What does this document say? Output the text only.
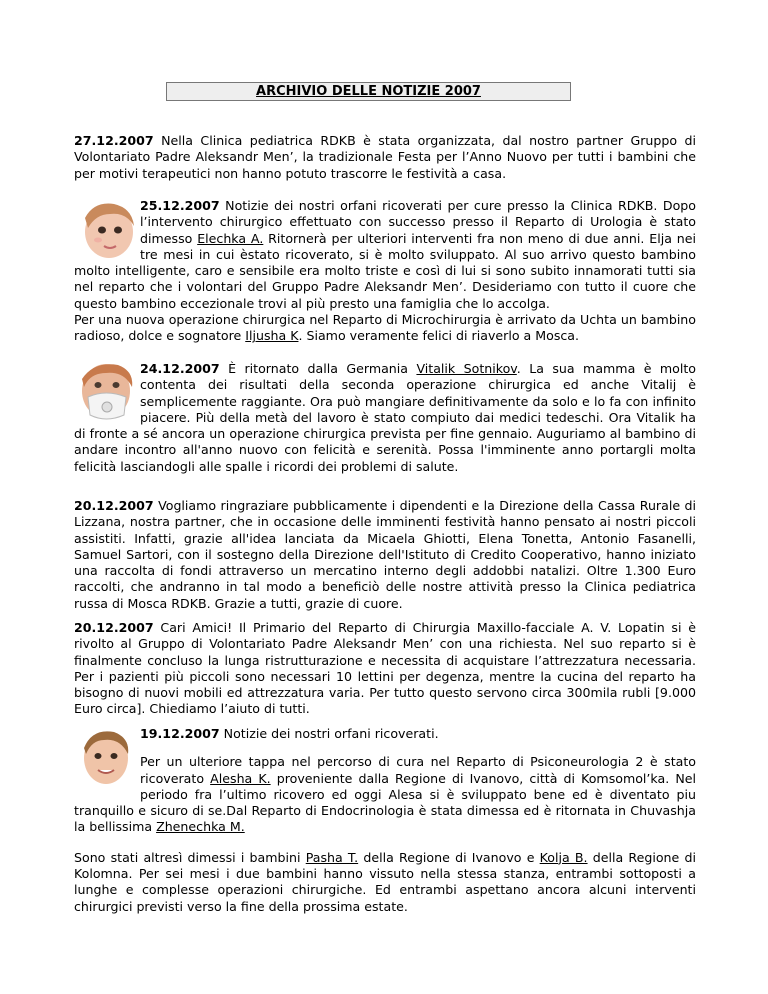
ARCHIVIO DELLE NOTIZIE 2007

27.12.2007 Nella Clinica pediatrica RDKB è stata organizzata, dal nostro partner Gruppo di Volontariato Padre Aleksandr Men’, la tradizionale Festa per l’Anno Nuovo per tutti i bambini che per motivi terapeutici non hanno potuto trascorre le festività a casa.

25.12.2007 Notizie dei nostri orfani ricoverati per cure presso la Clinica RDKB. Dopo l’intervento chirurgico effettuato con successo presso il Reparto di Urologia è stato dimesso Elechka A. Ritornerà per ulteriori interventi fra non meno di due anni. Elja nei tre mesi in cui èstato ricoverato, si è molto sviluppato. Al suo arrivo questo bambino molto intelligente, caro e sensibile era molto triste e così di lui si sono subito innamorati tutti sia nel reparto che i volontari del Gruppo Padre Aleksandr Men’. Desideriamo con tutto il cuore che questo bambino eccezionale trovi al più presto una famiglia che lo accolga.

Per una nuova operazione chirurgica nel Reparto di Microchirurgia è arrivato da Uchta un bambino radioso, dolce e sognatore Iljusha K. Siamo veramente felici di riaverlo a Mosca.

24.12.2007 È ritornato dalla Germania Vitalik Sotnikov. La sua mamma è molto contenta dei risultati della seconda operazione chirurgica ed anche Vitalij è semplicemente raggiante. Ora può mangiare definitivamente da solo e lo fa con infinito piacere. Più della metà del lavoro è stato compiuto dai medici tedeschi. Ora Vitalik ha di fronte a sé ancora un operazione chirurgica prevista per fine gennaio. Auguriamo al bambino di andare incontro all'anno nuovo con felicità e serenità. Possa l'imminente anno portargli molta felicità lasciandogli alle spalle i ricordi dei problemi di salute.

20.12.2007 Vogliamo ringraziare pubblicamente i dipendenti e la Direzione della Cassa Rurale di Lizzana, nostra partner, che in occasione delle imminenti festività hanno pensato ai nostri piccoli assistiti. Infatti, grazie all'idea lanciata da Micaela Ghiotti, Elena Tonetta, Antonio Fasanelli, Samuel Sartori, con il sostegno della Direzione dell'Istituto di Credito Cooperativo, hanno iniziato una raccolta di fondi attraverso un mercatino interno degli addobbi natalizi. Oltre 1.300 Euro raccolti, che andranno in tal modo a beneficiò delle nostre attività presso la Clinica pediatrica russa di Mosca RDKB. Grazie a tutti, grazie di cuore.

20.12.2007 Cari Amici! Il Primario del Reparto di Chirurgia Maxillo-facciale A. V. Lopatin si è rivolto al Gruppo di Volontariato Padre Aleksandr Men’ con una richiesta. Nel suo reparto si è finalmente concluso la lunga ristrutturazione e necessita di acquistare l’attrezzatura necessaria. Per i pazienti più piccoli sono necessari 10 lettini per degenza, mentre la cucina del reparto ha bisogno di nuovi mobili ed attrezzatura varia. Per tutto questo servono circa 300mila rubli [9.000 Euro circa]. Chiediamo l’aiuto di tutti.

19.12.2007 Notizie dei nostri orfani ricoverati.

Per un ulteriore tappa nel percorso di cura nel Reparto di Psiconeurologia 2 è stato ricoverato Alesha K. proveniente dalla Regione di Ivanovo, città di Komsomol’ka. Nel periodo fra l’ultimo ricovero ed oggi Alesa si è sviluppato bene ed è diventato piu tranquillo e sicuro di se.Dal Reparto di Endocrinologia è stata dimessa ed è ritornata in Chuvashja la bellissima Zhenechka M.

Sono stati altresì dimessi i bambini Pasha T. della Regione di Ivanovo e Kolja B. della Regione di Kolomna. Per sei mesi i due bambini hanno vissuto nella stessa stanza, entrambi sottoposti a lunghe e complesse operazioni chirurgiche. Ed entrambi aspettano ancora alcuni interventi chirurgici previsti verso la fine della prossima estate.
